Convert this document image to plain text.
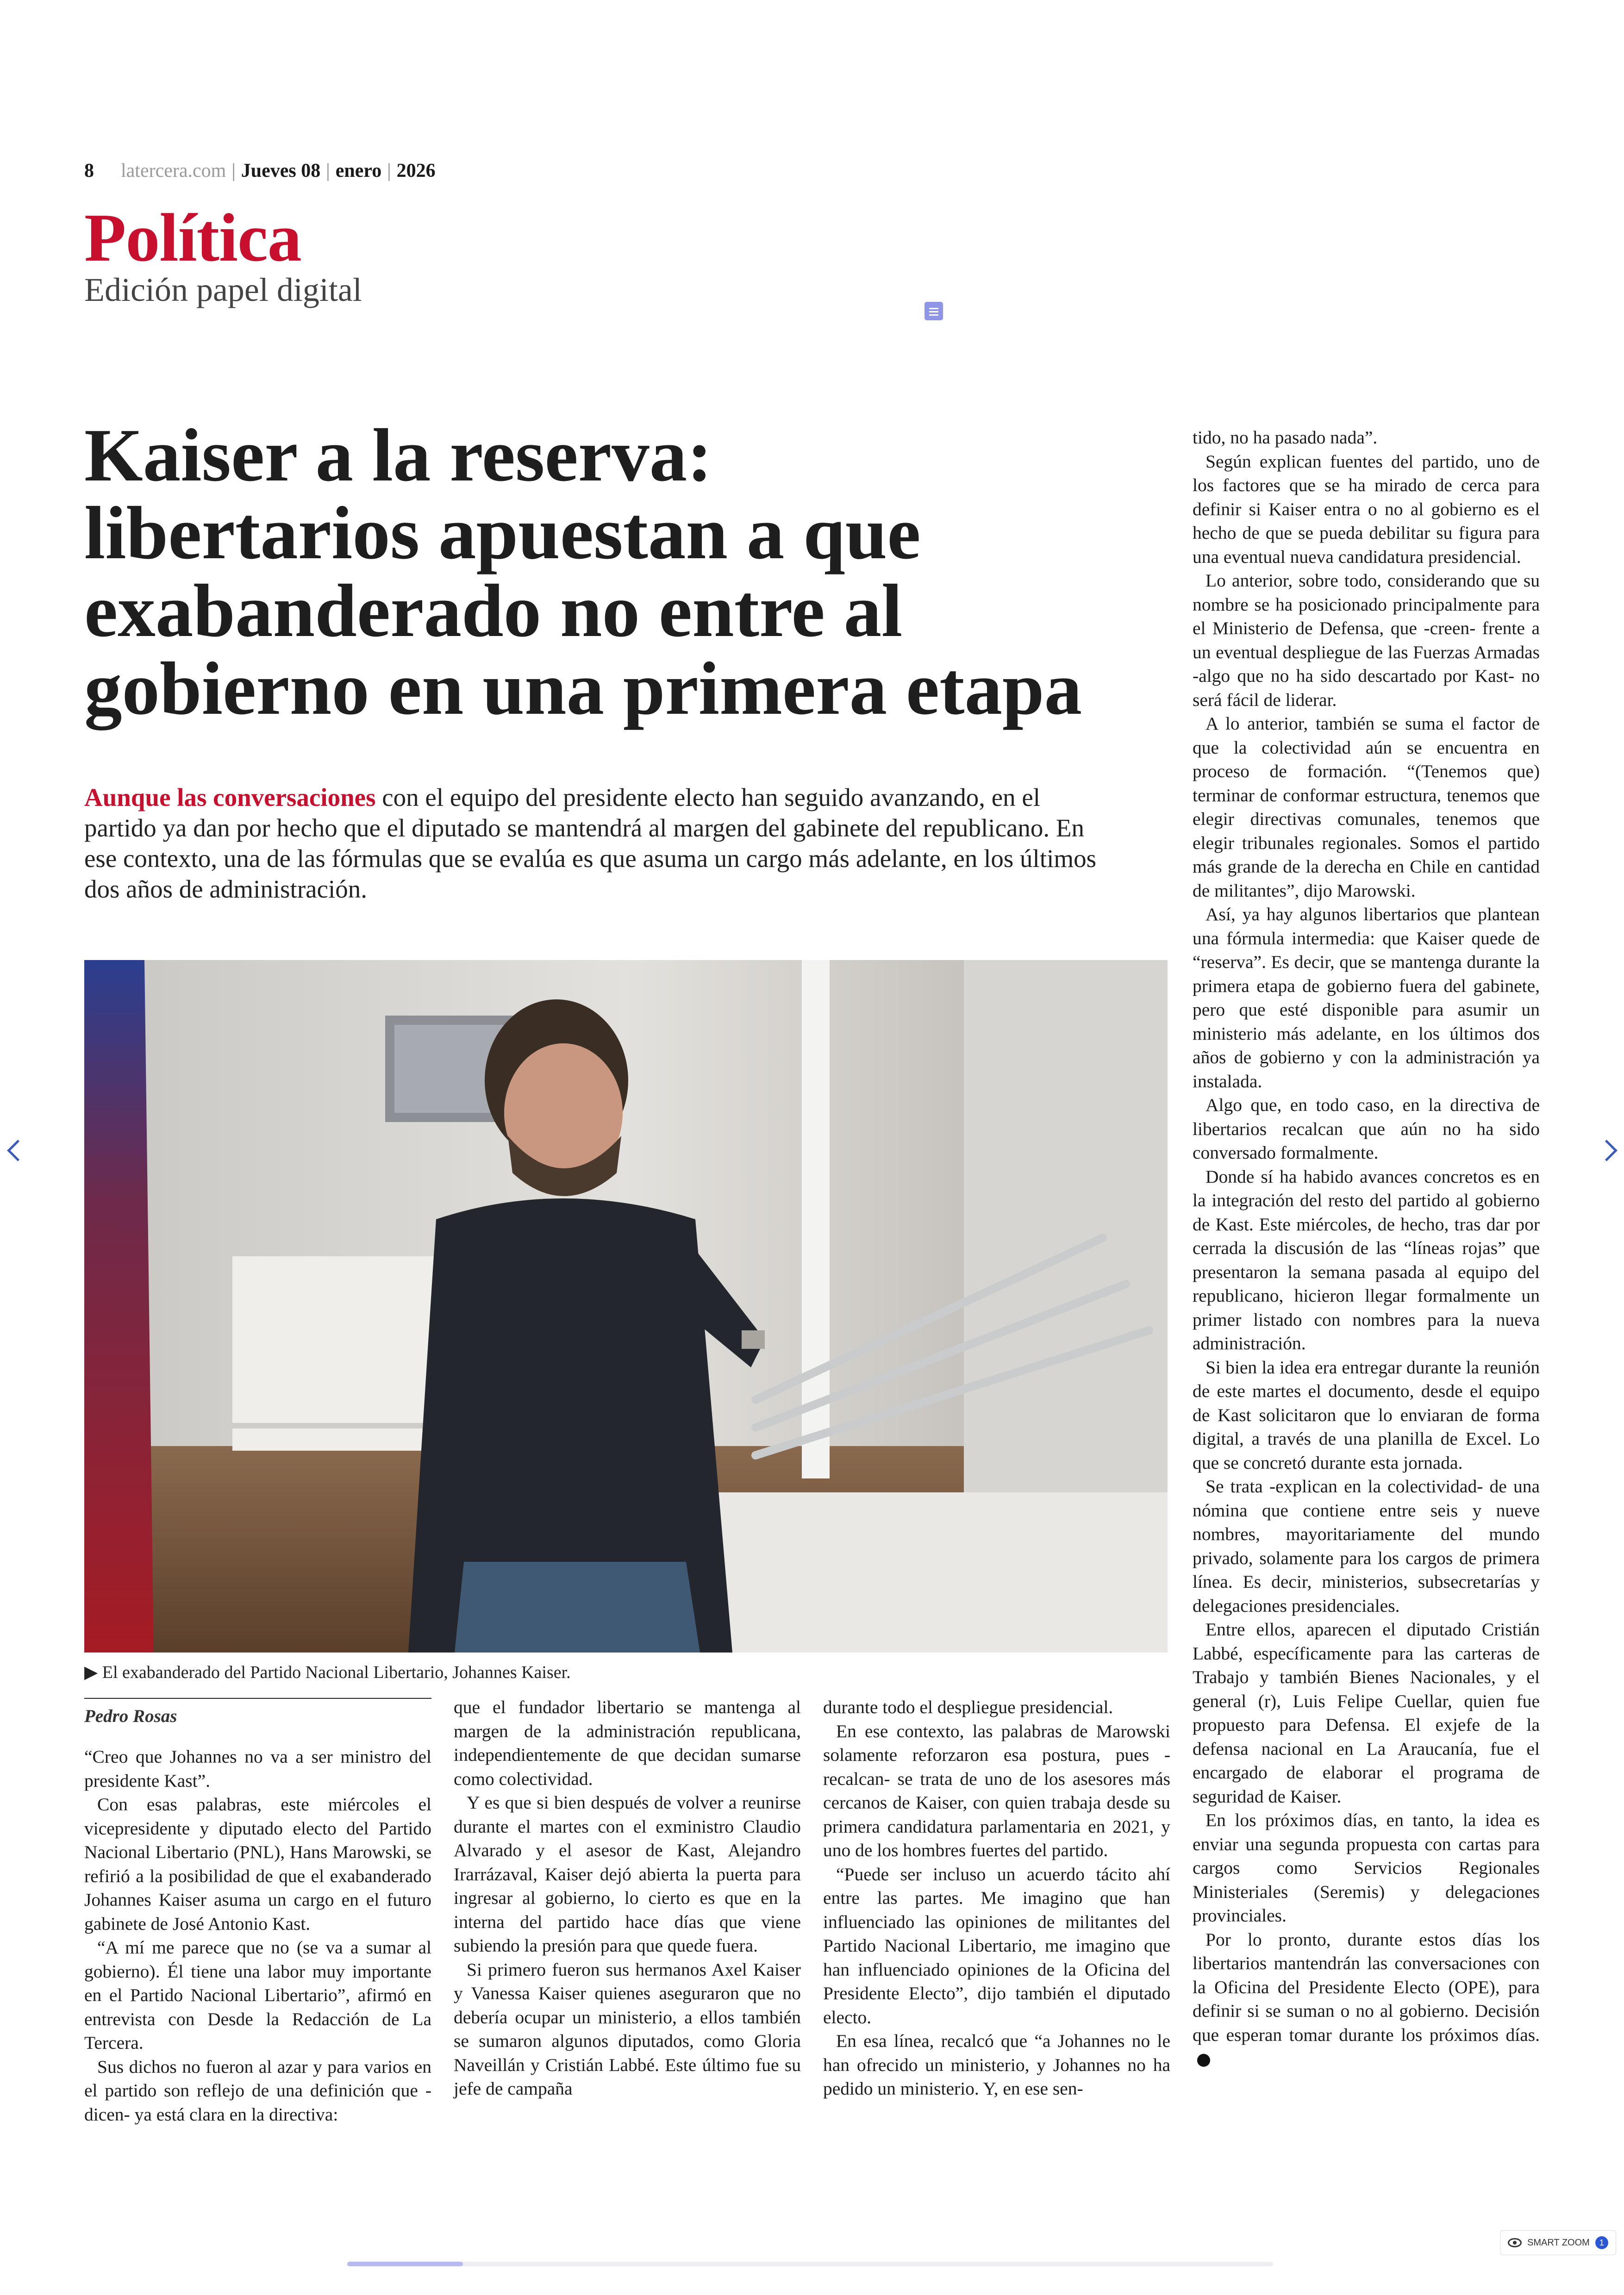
8 latercera.com | Jueves 08 | enero | 2026
Política
Edición papel digital
Kaiser a la reserva:
libertarios apuestan a que
exabanderado no entre al
gobierno en una primera etapa

Aunque las conversaciones con el equipo del presidente electo han seguido avanzando, en el partido ya dan por hecho que el diputado se mantendrá al margen del gabinete del republicano. En ese contexto, una de las fórmulas que se evalúa es que asuma un cargo más adelante, en los últimos dos años de administración.

▶ El exabanderado del Partido Nacional Libertario, Johannes Kaiser.
Pedro Rosas

“Creo que Johannes no va a ser ministro del presidente Kast”.

Con esas palabras, este miércoles el vicepresidente y diputado electo del Partido Nacional Libertario (PNL), Hans Marowski, se refirió a la posibilidad de que el exabanderado Johannes Kaiser asuma un cargo en el futuro gabinete de José Antonio Kast.

“A mí me parece que no (se va a sumar al gobierno). Él tiene una labor muy importante en el Partido Nacional Libertario”, afirmó en entrevista con Desde la Redacción de La Tercera.

Sus dichos no fueron al azar y para varios en el partido son reflejo de una definición que -dicen- ya está clara en la directiva:

que el fundador libertario se mantenga al margen de la administración republicana, independientemente de que decidan sumarse como colectividad.

Y es que si bien después de volver a reunirse durante el martes con el exministro Claudio Alvarado y el asesor de Kast, Alejandro Irarrázaval, Kaiser dejó abierta la puerta para ingresar al gobierno, lo cierto es que en la interna del partido hace días que viene subiendo la presión para que quede fuera.

Si primero fueron sus hermanos Axel Kaiser y Vanessa Kaiser quienes aseguraron que no debería ocupar un ministerio, a ellos también se sumaron algunos diputados, como Gloria Naveillán y Cristián Labbé. Este último fue su jefe de campaña

durante todo el despliegue presidencial.

En ese contexto, las palabras de Marowski solamente reforzaron esa postura, pues -recalcan- se trata de uno de los asesores más cercanos de Kaiser, con quien trabaja desde su primera candidatura parlamentaria en 2021, y uno de los hombres fuertes del partido.

“Puede ser incluso un acuerdo tácito ahí entre las partes. Me imagino que han influenciado las opiniones de militantes del Partido Nacional Libertario, me imagino que han influenciado opiniones de la Oficina del Presidente Electo”, dijo también el diputado electo.

En esa línea, recalcó que “a Johannes no le han ofrecido un ministerio, y Johannes no ha pedido un ministerio. Y, en ese sen-

tido, no ha pasado nada”.

Según explican fuentes del partido, uno de los factores que se ha mirado de cerca para definir si Kaiser entra o no al gobierno es el hecho de que se pueda debilitar su figura para una eventual nueva candidatura presidencial.

Lo anterior, sobre todo, considerando que su nombre se ha posicionado principalmente para el Ministerio de Defensa, que -creen- frente a un eventual despliegue de las Fuerzas Armadas -algo que no ha sido descartado por Kast- no será fácil de liderar.

A lo anterior, también se suma el factor de que la colectividad aún se encuentra en proceso de formación. “(Tenemos que) terminar de conformar estructura, tenemos que elegir directivas comunales, tenemos que elegir tribunales regionales. Somos el partido más grande de la derecha en Chile en cantidad de militantes”, dijo Marowski.

Así, ya hay algunos libertarios que plantean una fórmula intermedia: que Kaiser quede de “reserva”. Es decir, que se mantenga durante la primera etapa de gobierno fuera del gabinete, pero que esté disponible para asumir un ministerio más adelante, en los últimos dos años de gobierno y con la administración ya instalada.

Algo que, en todo caso, en la directiva de libertarios recalcan que aún no ha sido conversado formalmente.

Donde sí ha habido avances concretos es en la integración del resto del partido al gobierno de Kast. Este miércoles, de hecho, tras dar por cerrada la discusión de las “líneas rojas” que presentaron la semana pasada al equipo del republicano, hicieron llegar formalmente un primer listado con nombres para la nueva administración.

Si bien la idea era entregar durante la reunión de este martes el documento, desde el equipo de Kast solicitaron que lo enviaran de forma digital, a través de una planilla de Excel. Lo que se concretó durante esta jornada.

Se trata -explican en la colectividad- de una nómina que contiene entre seis y nueve nombres, mayoritariamente del mundo privado, solamente para los cargos de primera línea. Es decir, ministerios, subsecretarías y delegaciones presidenciales.

Entre ellos, aparecen el diputado Cristián Labbé, específicamente para las carteras de Trabajo y también Bienes Nacionales, y el general (r), Luis Felipe Cuellar, quien fue propuesto para Defensa. El exjefe de la defensa nacional en La Araucanía, fue el encargado de elaborar el programa de seguridad de Kaiser.

En los próximos días, en tanto, la idea es enviar una segunda propuesta con cartas para cargos como Servicios Regionales Ministeriales (Seremis) y delegaciones provinciales.

Por lo pronto, durante estos días los libertarios mantendrán las conversaciones con la Oficina del Presidente Electo (OPE), para definir si se suman o no al gobierno. Decisión que esperan tomar durante los próximos días.

SMART ZOOM	1
